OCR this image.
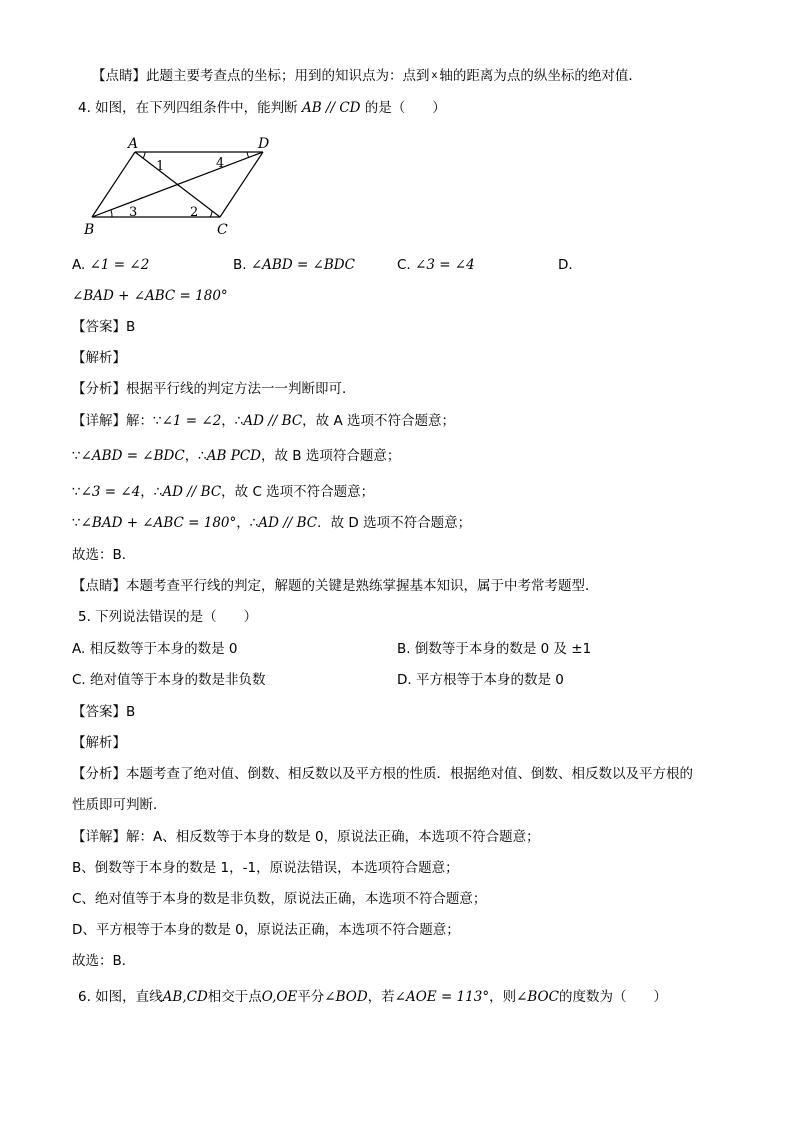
【点睛】此题主要考查点的坐标；用到的知识点为：点到 x 轴的距离为点的纵坐标的绝对值．
4. 如图，在下列四组条件中，能判断 AB // CD 的是（　　）
A	D
B	C
1	4
3	2
A. ∠1 = ∠2	B. ∠ABD = ∠BDC	C. ∠3 = ∠4	D.
∠BAD + ∠ABC = 180°
【答案】B
【解析】
【分析】根据平行线的判定方法一一判断即可．
【详解】解：∵∠1 = ∠2，∴AD // BC，故 A 选项不符合题意；
∵∠ABD = ∠BDC，∴AB PCD，故 B 选项符合题意；
∵∠3 = ∠4，∴AD // BC，故 C 选项不符合题意；
∵∠BAD + ∠ABC = 180°，∴AD // BC．故 D 选项不符合题意；
故选：B．
【点睛】本题考查平行线的判定，解题的关键是熟练掌握基本知识，属于中考常考题型．
5. 下列说法错误的是（　　）
A. 相反数等于本身的数是 0	B. 倒数等于本身的数是 0 及 ±1
C. 绝对值等于本身的数是非负数	D. 平方根等于本身的数是 0
【答案】B
【解析】
【分析】本题考查了绝对值、倒数、相反数以及平方根的性质．根据绝对值、倒数、相反数以及平方根的
性质即可判断．
【详解】解：A、相反数等于本身的数是 0，原说法正确，本选项不符合题意；
B、倒数等于本身的数是 1，-1，原说法错误，本选项符合题意；
C、绝对值等于本身的数是非负数，原说法正确，本选项不符合题意；
D、平方根等于本身的数是 0，原说法正确，本选项不符合题意；
故选：B．
6. 如图，直线AB,CD相交于点O,OE平分∠BOD，若∠AOE = 113°，则∠BOC的度数为（　　）
